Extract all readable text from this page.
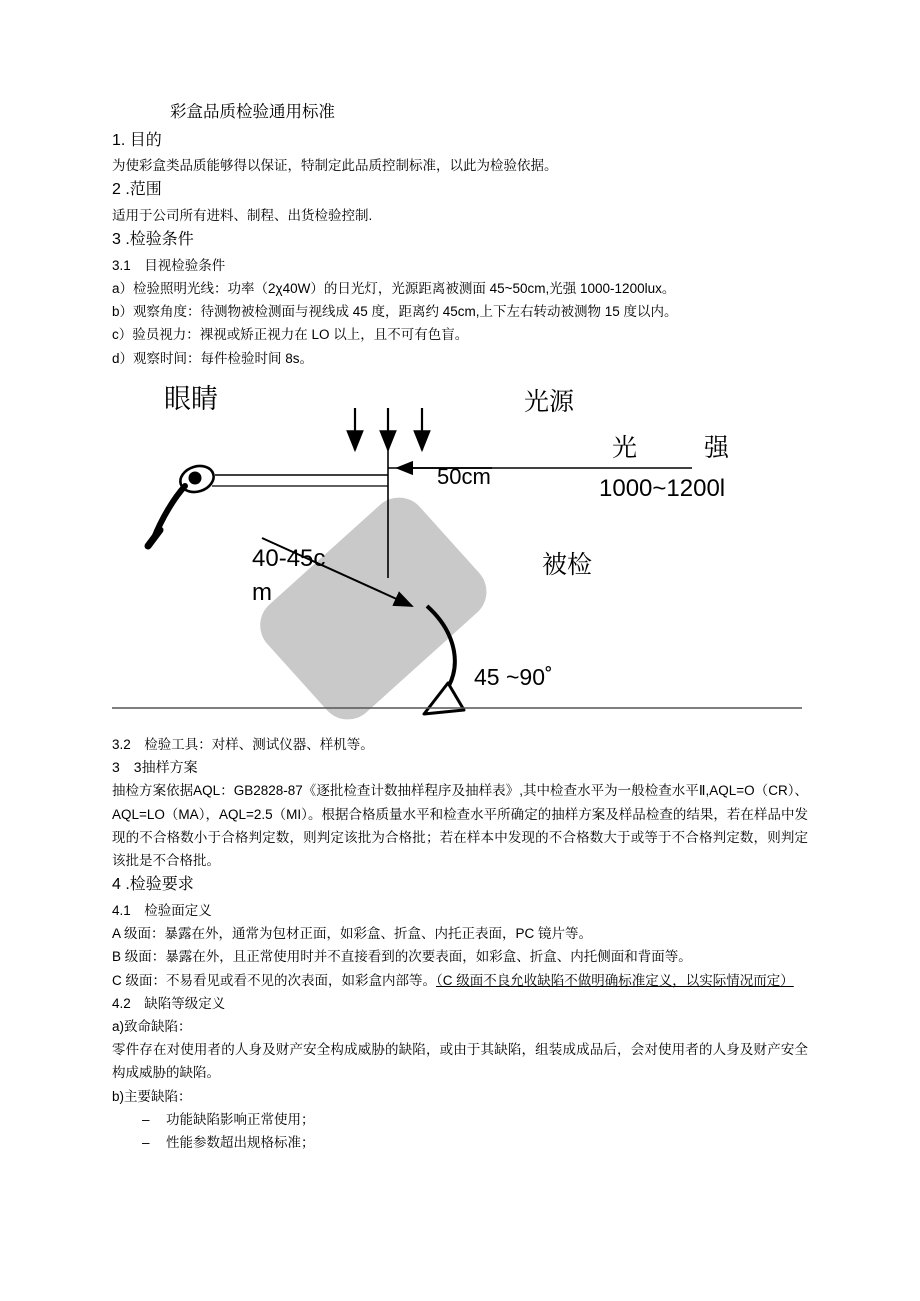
彩盒品质检验通用标准
1. 目的

为使彩盒类品质能够得以保证，特制定此品质控制标准，以此为检验依据。

2 .范围

适用于公司所有进料、制程、出货检验控制.

3 .检验条件

3.1　目视检验条件

a）检验照明光线：功率（2χ40W）的日光灯，光源距离被测面 45~50cm,光强 1000-1200lux。

b）观察角度：待测物被检测面与视线成 45 度，距离约 45cm,上下左右转动被测物 15 度以内。

c）验员视力：裸视或矫正视力在 LO 以上，且不可有色盲。

d）观察时间：每件检验时间 8s。

眼睛	光源
光	强
1000~1200l
50cm
40-45c
m
被检
45 ~90˚

3.2　检验工具：对样、测试仪器、样机等。

3　3抽样方案

抽检方案依据AQL：GB2828-87《逐批检查计数抽样程序及抽样表》,其中检查水平为一般检查水平Ⅱ,AQL=O（CR）、AQL=LO（MA），AQL=2.5（MI）。根据合格质量水平和检查水平所确定的抽样方案及样品检查的结果，若在样品中发现的不合格数小于合格判定数，则判定该批为合格批；若在样本中发现的不合格数大于或等于不合格判定数，则判定该批是不合格批。

4 .检验要求

4.1　检验面定义

A 级面：暴露在外，通常为包材正面，如彩盒、折盒、内托正表面，PC 镜片等。

B 级面：暴露在外，且正常使用时并不直接看到的次要表面，如彩盒、折盒、内托侧面和背面等。

C 级面：不易看见或看不见的次表面，如彩盒内部等。（C 级面不良允收缺陷不做明确标准定义，以实际情况而定）

4.2　缺陷等级定义

a)致命缺陷：

零件存在对使用者的人身及财产安全构成威胁的缺陷，或由于其缺陷，组装成成品后，会对使用者的人身及财产安全构成威胁的缺陷。

b)主要缺陷：

– 功能缺陷影响正常使用；

– 性能参数超出规格标准；
